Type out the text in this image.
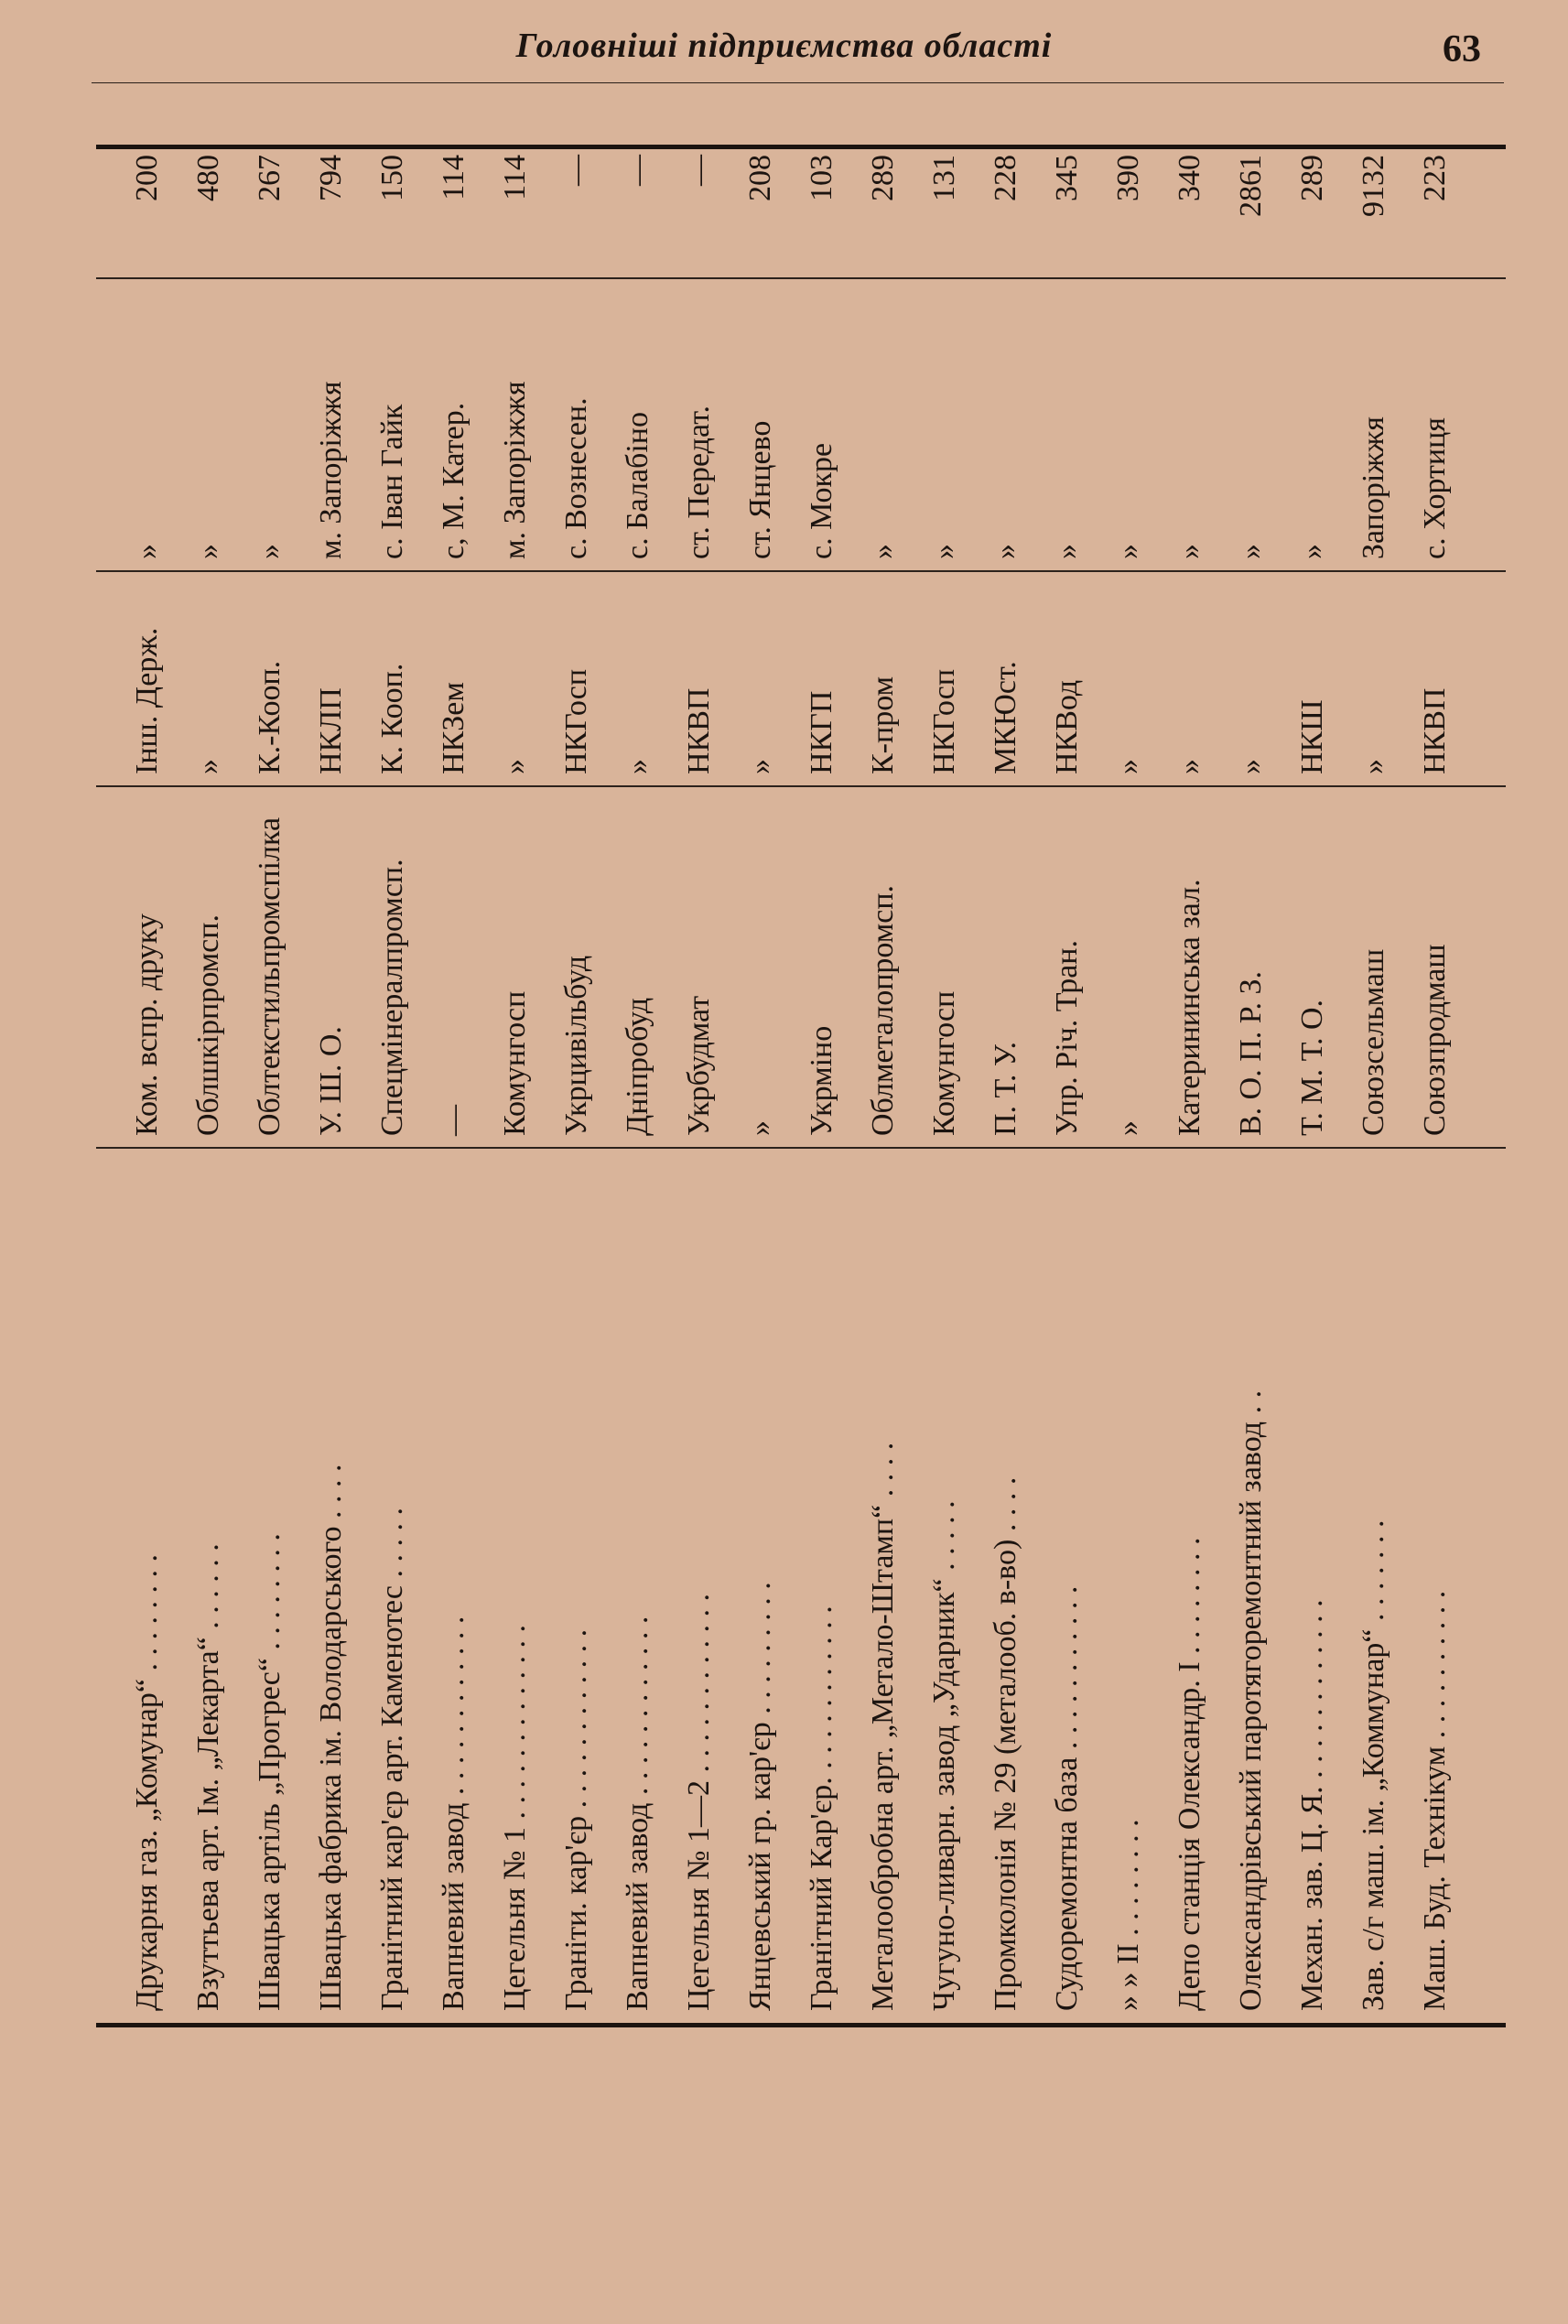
Головніші підприємства області	63
Маш. Буд. Технікум . . . . . . . . . .
Союзпродмаш
НКВП
с. Хортиця
223
Зав. с/г маш. ім. „Коммунар“ . . . . . . .
Союзсельмаш
»
Запоріжжя
9132
Механ. зав. Ц. Я. . . . . . . . . . . . .
Т. М. Т. О.
НКШ
»
289
Олександрівський паротягоремонтний завод . .
В. О. П. Р. З.
»
»
2861
Депо станція Олександр. І . . . . . . . .
Катерининська зал.
»
»
340
» » II . . . . . . . .
»
»
»
390
Судоремонтна база . . . . . . . . . . .
Упр. Річ. Тран.
НКВод
»
345
Промколонія № 29 (металооб. в-во) . . . .
П. Т. У.
МКЮст.
»
228
Чугуно-ливарн. завод „Ударник“ . . . . .
Комунгосп
НКГосп
»
131
Металообробна арт. „Метало-Штамп“ . . . .
Облметалопромсп.
К-пром
»
289
Гранітний Кар'єр. . . . . . . . . . . .
Укрміно
НКГП
с. Мокре
103
Янцевський гр. кар'єр . . . . . . . . .
»
»
ст. Янцево
208
Цегельня № 1—2 . . . . . . . . . . . .
Укрбудмат
НКВП
ст. Передат.
—
Вапневий завод . . . . . . . . . . . .
Дніпробуд
»
с. Балабіно
—
Граніти. кар'єр . . . . . . . . . . . .
Укрцивільбуд
НКГосп
с. Вознесен.
—
Цегельня № 1 . . . . . . . . . . . . .
Комунгосп
»
м. Запоріжжя
114
Вапневий завод . . . . . . . . . . . .
—
НКЗем
с, М. Катер.
114
Гранітний кар'єр арт. Каменотес . . . . .
Спецмінералпромсп.
К. Кооп.
с. Іван Гайк
150
Швацька фабрика ім. Володарського . . . .
У. Ш. О.
НКЛП
м. Запоріжжя
794
Швацька артіль „Прогрес“ . . . . . . . .
Облтекстильпромспілка
К.-Кооп.
»
267
Взуттьева арт. Ім. „Лекарта“ . . . . . .
Облшкірпромсп.
»
»
480
Друкарня газ. „Комунар“ . . . . . . . .
Ком. вспр. друку
Інш. Держ.
»
200
